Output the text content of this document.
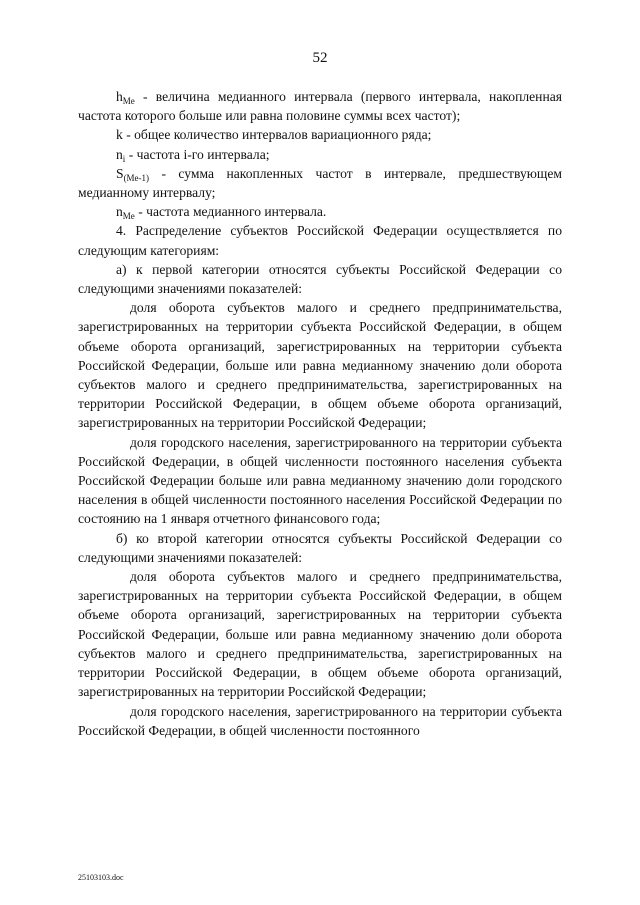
52

$h_{Me}$ - величина медианного интервала (первого интервала, накопленная частота которого больше или равна половине суммы всех частот);

k - общее количество интервалов вариационного ряда;

$n_i$ - частота i-го интервала;

$S_{(Me-1)}$ - сумма накопленных частот в интервале, предшествующем медианному интервалу;

$n_{Me}$ - частота медианного интервала.

4. Распределение субъектов Российской Федерации осуществляется по следующим категориям:

а) к первой категории относятся субъекты Российской Федерации со следующими значениями показателей:

доля оборота субъектов малого и среднего предпринимательства, зарегистрированных на территории субъекта Российской Федерации, в общем объеме оборота организаций, зарегистрированных на территории субъекта Российской Федерации, больше или равна медианному значению доли оборота субъектов малого и среднего предпринимательства, зарегистрированных на территории Российской Федерации, в общем объеме оборота организаций, зарегистрированных на территории Российской Федерации;

доля городского населения, зарегистрированного на территории субъекта Российской Федерации, в общей численности постоянного населения субъекта Российской Федерации больше или равна медианному значению доли городского населения в общей численности постоянного населения Российской Федерации по состоянию на 1 января отчетного финансового года;

б) ко второй категории относятся субъекты Российской Федерации со следующими значениями показателей:

доля оборота субъектов малого и среднего предпринимательства, зарегистрированных на территории субъекта Российской Федерации, в общем объеме оборота организаций, зарегистрированных на территории субъекта Российской Федерации, больше или равна медианному значению доли оборота субъектов малого и среднего предпринимательства, зарегистрированных на территории Российской Федерации, в общем объеме оборота организаций, зарегистрированных на территории Российской Федерации;

доля городского населения, зарегистрированного на территории субъекта Российской Федерации, в общей численности постоянного

25103103.doc
